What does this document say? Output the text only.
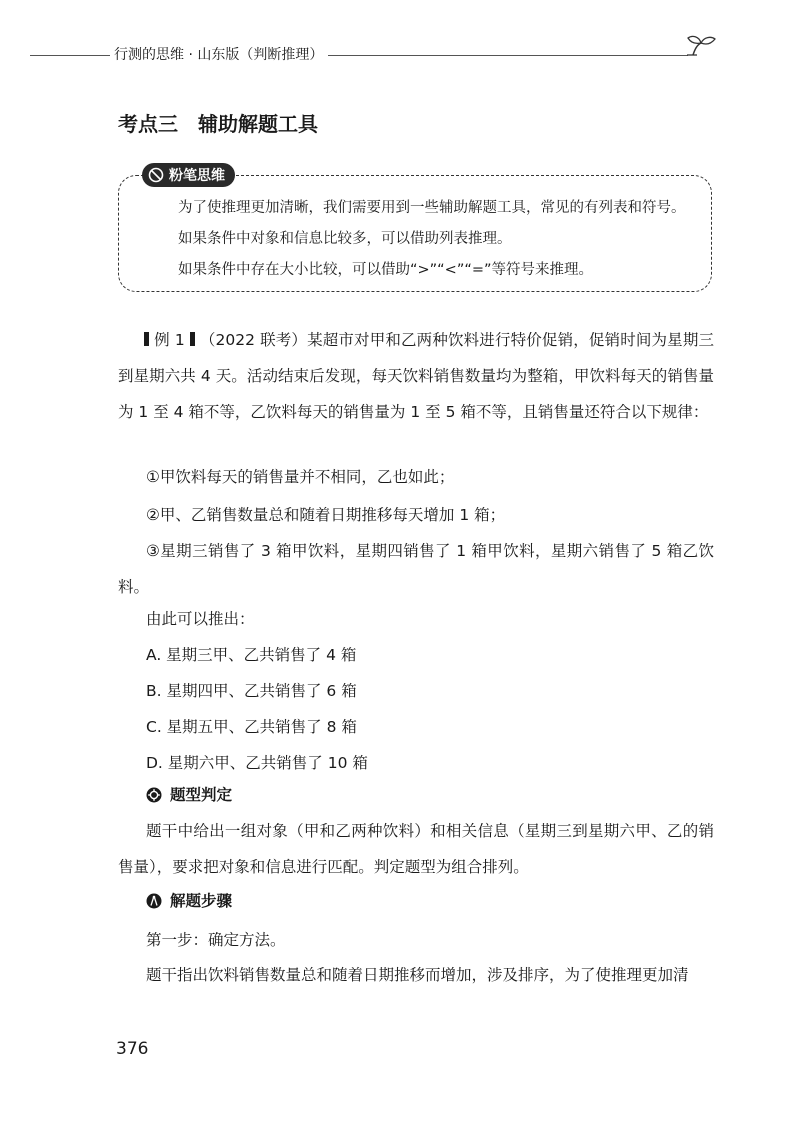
行测的思维 · 山东版（判断推理）
考点三　辅助解题工具
粉笔思维
为了使推理更加清晰，我们需要用到一些辅助解题工具，常见的有列表和符号。
如果条件中对象和信息比较多，可以借助列表推理。
如果条件中存在大小比较，可以借助“>”“<”“=”等符号来推理。
例 1 （2022 联考）某超市对甲和乙两种饮料进行特价促销，促销时间为星期三到星期六共 4 天。活动结束后发现，每天饮料销售数量均为整箱，甲饮料每天的销售量为 1 至 4 箱不等，乙饮料每天的销售量为 1 至 5 箱不等，且销售量还符合以下规律：
①甲饮料每天的销售量并不相同，乙也如此；
②甲、乙销售数量总和随着日期推移每天增加 1 箱；
③星期三销售了 3 箱甲饮料，星期四销售了 1 箱甲饮料，星期六销售了 5 箱乙饮料。
由此可以推出：
A. 星期三甲、乙共销售了 4 箱
B. 星期四甲、乙共销售了 6 箱
C. 星期五甲、乙共销售了 8 箱
D. 星期六甲、乙共销售了 10 箱
题型判定
题干中给出一组对象（甲和乙两种饮料）和相关信息（星期三到星期六甲、乙的销售量），要求把对象和信息进行匹配。判定题型为组合排列。
解题步骤
第一步：确定方法。
题干指出饮料销售数量总和随着日期推移而增加，涉及排序，为了使推理更加清
376
